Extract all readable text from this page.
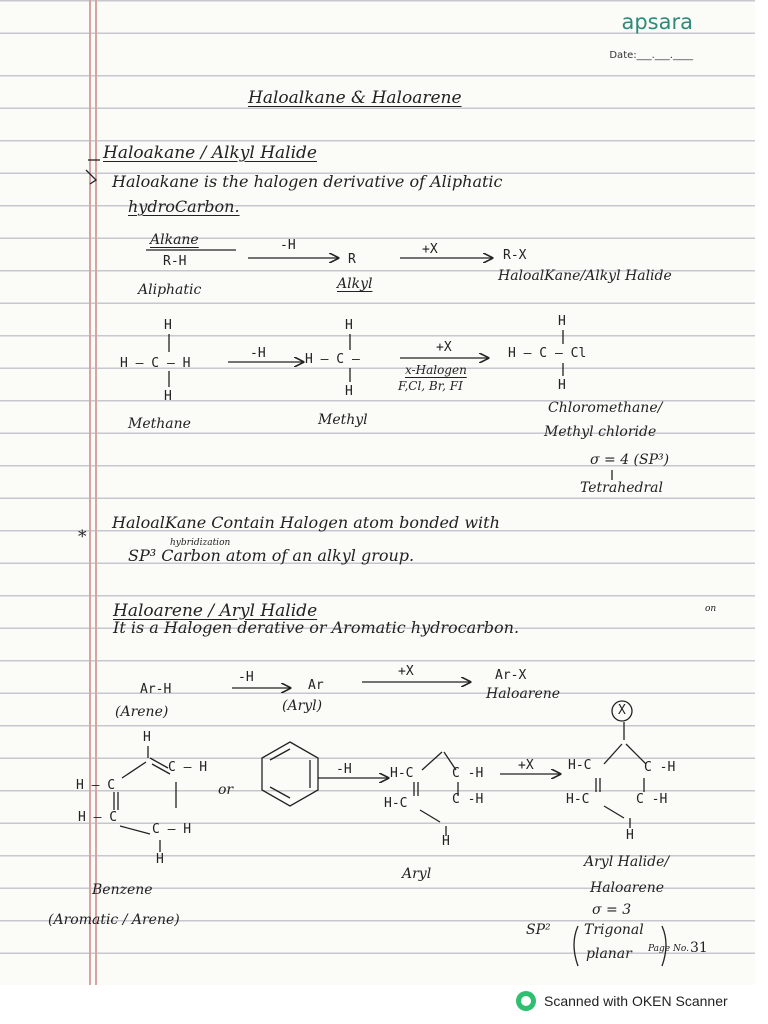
apsara
Date:___.___.____
Haloalkane & Haloarene
Haloakane / Alkyl Halide
Haloakane is the halogen derivative of Aliphatic
hydroCarbon.
Alkane
R-H
-H
R
+X	R-X
Aliphatic	Alkyl	HaloalKane/Alkyl Halide
H
H — C — H
H
-H
Methane
H
H — C —
H
Methyl
+X
x-Halogen
F,Cl, Br, FI
H
H — C — Cl
H
Chloromethane/
Methyl chloride
σ = 4 (SP³)
Tetrahedral
*
HaloalKane Contain Halogen atom bonded with
hybridization
SP³ Carbon atom of an alkyl group.
Haloarene / Aryl Halide
It is a Halogen derative or Aromatic hydrocarbon.
on
Ar-H
-H
Ar
+X	Ar-X
(Arene)	(Aryl)
Haloarene
H
H — C
C — H
H — C
C — H
H
or
Benzene
(Aromatic / Arene)
-H	H-C	C -H
H-C	C -H
H
Aryl
+X
X
H-C	C -H
H-C	C -H
H
Aryl Halide/
Haloarene
σ = 3
SP² Trigonal
planar Page No. 31
Scanned with OKEN Scanner
